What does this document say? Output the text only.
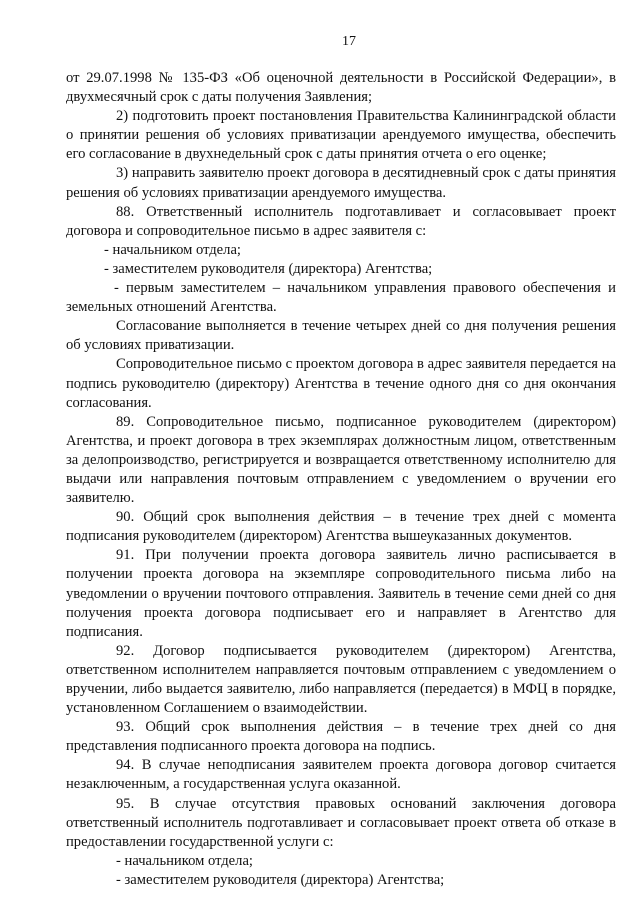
17

от 29.07.1998 № 135-ФЗ «Об оценочной деятельности в Российской Федерации», в двухмесячный срок с даты получения Заявления;

2) подготовить проект постановления Правительства Калининградской области о принятии решения об условиях приватизации арендуемого имущества, обеспечить его согласование в двухнедельный срок с даты принятия отчета о его оценке;

3) направить заявителю проект договора в десятидневный срок с даты принятия решения об условиях приватизации арендуемого имущества.

88. Ответственный исполнитель подготавливает и согласовывает проект договора и сопроводительное письмо в адрес заявителя с:

- начальником отдела;

- заместителем руководителя (директора) Агентства;

- первым заместителем – начальником управления правового обеспечения и земельных отношений Агентства.

Согласование выполняется в течение четырех дней со дня получения решения об условиях приватизации.

Сопроводительное письмо с проектом договора в адрес заявителя передается на подпись руководителю (директору) Агентства в течение одного дня со дня окончания согласования.

89. Сопроводительное письмо, подписанное руководителем (директором) Агентства, и проект договора в трех экземплярах должностным лицом, ответственным за делопроизводство, регистрируется и возвращается ответственному исполнителю для выдачи или направления почтовым отправлением с уведомлением о вручении его заявителю.

90. Общий срок выполнения действия – в течение трех дней с момента подписания руководителем (директором) Агентства вышеуказанных документов.

91. При получении проекта договора заявитель лично расписывается в получении проекта договора на экземпляре сопроводительного письма либо на уведомлении о вручении почтового отправления. Заявитель в течение семи дней со дня получения проекта договора подписывает его и направляет в Агентство для подписания.

92. Договор подписывается руководителем (директором) Агентства, ответственном исполнителем направляется почтовым отправлением с уведомлением о вручении, либо выдается заявителю, либо направляется (передается) в МФЦ в порядке, установленном Соглашением о взаимодействии.

93. Общий срок выполнения действия – в течение трех дней со дня представления подписанного проекта договора на подпись.

94. В случае неподписания заявителем проекта договора договор считается незаключенным, а государственная услуга оказанной.

95. В случае отсутствия правовых оснований заключения договора ответственный исполнитель подготавливает и согласовывает проект ответа об отказе в предоставлении государственной услуги с:

- начальником отдела;

- заместителем руководителя (директора) Агентства;
